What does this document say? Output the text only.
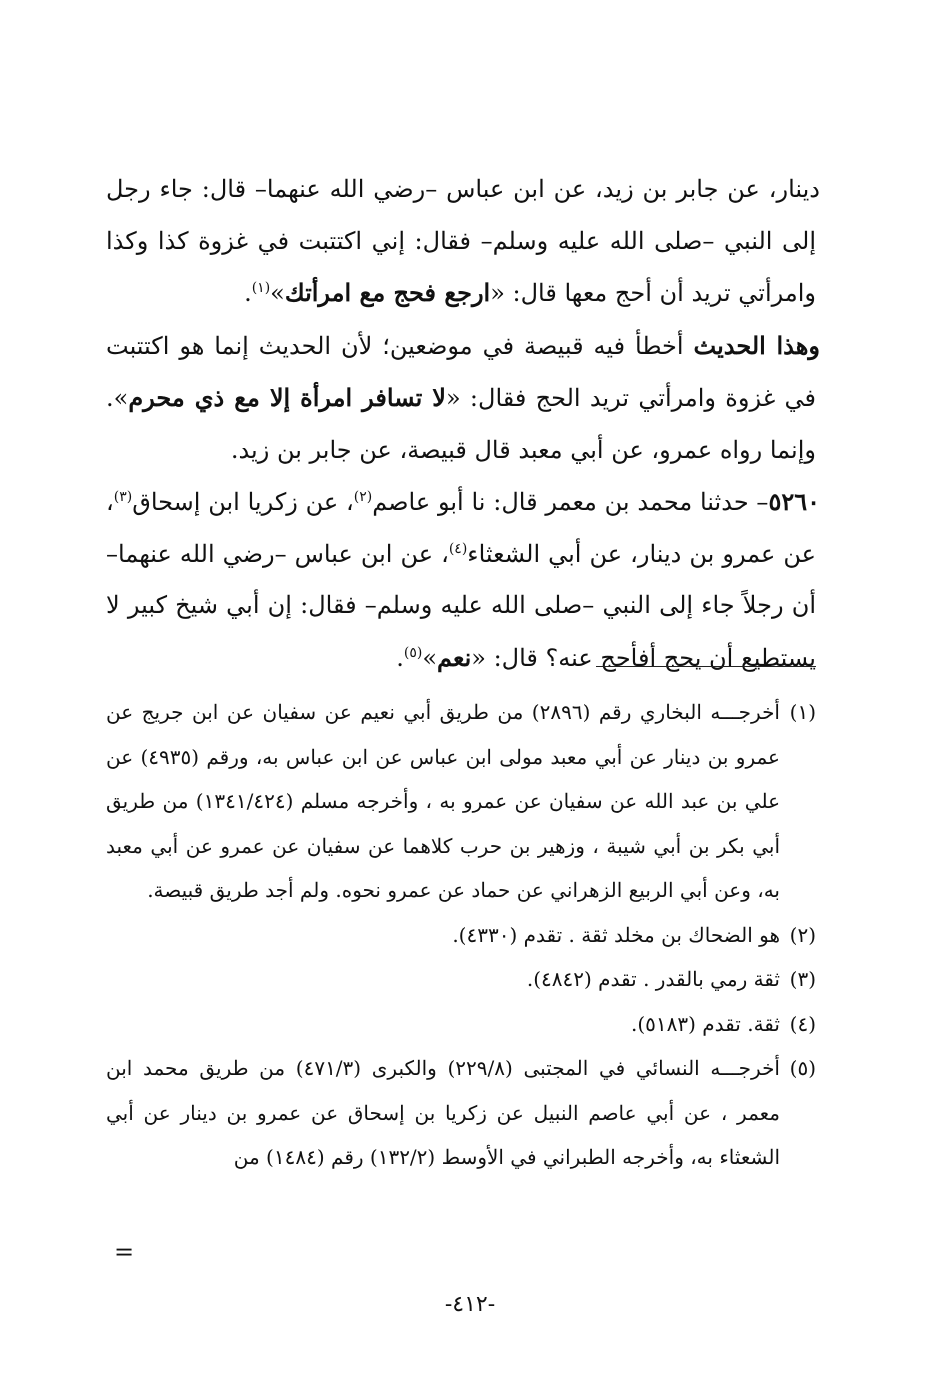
دينار، عن جابر بن زيد، عن ابن عباس –رضي الله عنهما– قال: جاء رجل إلى النبي –صلى الله عليه وسلم– فقال: إني اكتتبت في غزوة كذا وكذا وامرأتي تريد أن أحج معها قال: «ارجع فحج مع امرأتك»$^{(١)}$.

وهذا الحديث أخطأ فيه قبيصة في موضعين؛ لأن الحديث إنما هو اكتتبت في غزوة وامرأتي تريد الحج فقال: «لا تسافر امرأة إلا مع ذي محرم». وإنما رواه عمرو، عن أبي معبد قال قبيصة، عن جابر بن زيد.

٥٢٦٠– حدثنا محمد بن معمر قال: نا أبو عاصم$^{(٢)}$، عن زكريا ابن إسحاق$^{(٣)}$، عن عمرو بن دينار، عن أبي الشعثاء$^{(٤)}$، عن ابن عباس –رضي الله عنهما– أن رجلاً جاء إلى النبي –صلى الله عليه وسلم– فقال: إن أبي شيخ كبير لا يستطيع أن يحج أفأحج عنه؟ قال: «نعم»$^{(٥)}$.

(١)
أخرجـــه البخاري رقم (٢٨٩٦) من طريق أبي نعيم عن سفيان عن ابن جريج عن عمرو بن دينار عن أبي معبد مولى ابن عباس عن ابن عباس به، ورقم (٤٩٣٥) عن علي بن عبد الله عن سفيان عن عمرو به ، وأخرجه مسلم (١٣٤١/٤٢٤) من طريق أبي بكر بن أبي شيبة ، وزهير بن حرب كلاهما عن سفيان عن عمرو عن أبي معبد به، وعن أبي الربيع الزهراني عن حماد عن عمرو نحوه. ولم أجد طريق قبيصة.

(٢)
هو الضحاك بن مخلد ثقة . تقدم (٤٣٣٠).

(٣)
ثقة رمي بالقدر . تقدم (٤٨٤٢).

(٤)
ثقة. تقدم (٥١٨٣).

(٥)
أخرجـــه النسائي في المجتبى (٢٢٩/٨) والكبرى (٤٧١/٣) من طريق محمد ابن معمر ، عن أبي عاصم النبيل عن زكريا بن إسحاق عن عمرو بن دينار عن أبي الشعثاء به، وأخرجه الطبراني في الأوسط (١٣٢/٢) رقم (١٤٨٤) من

=
-٤١٢-
